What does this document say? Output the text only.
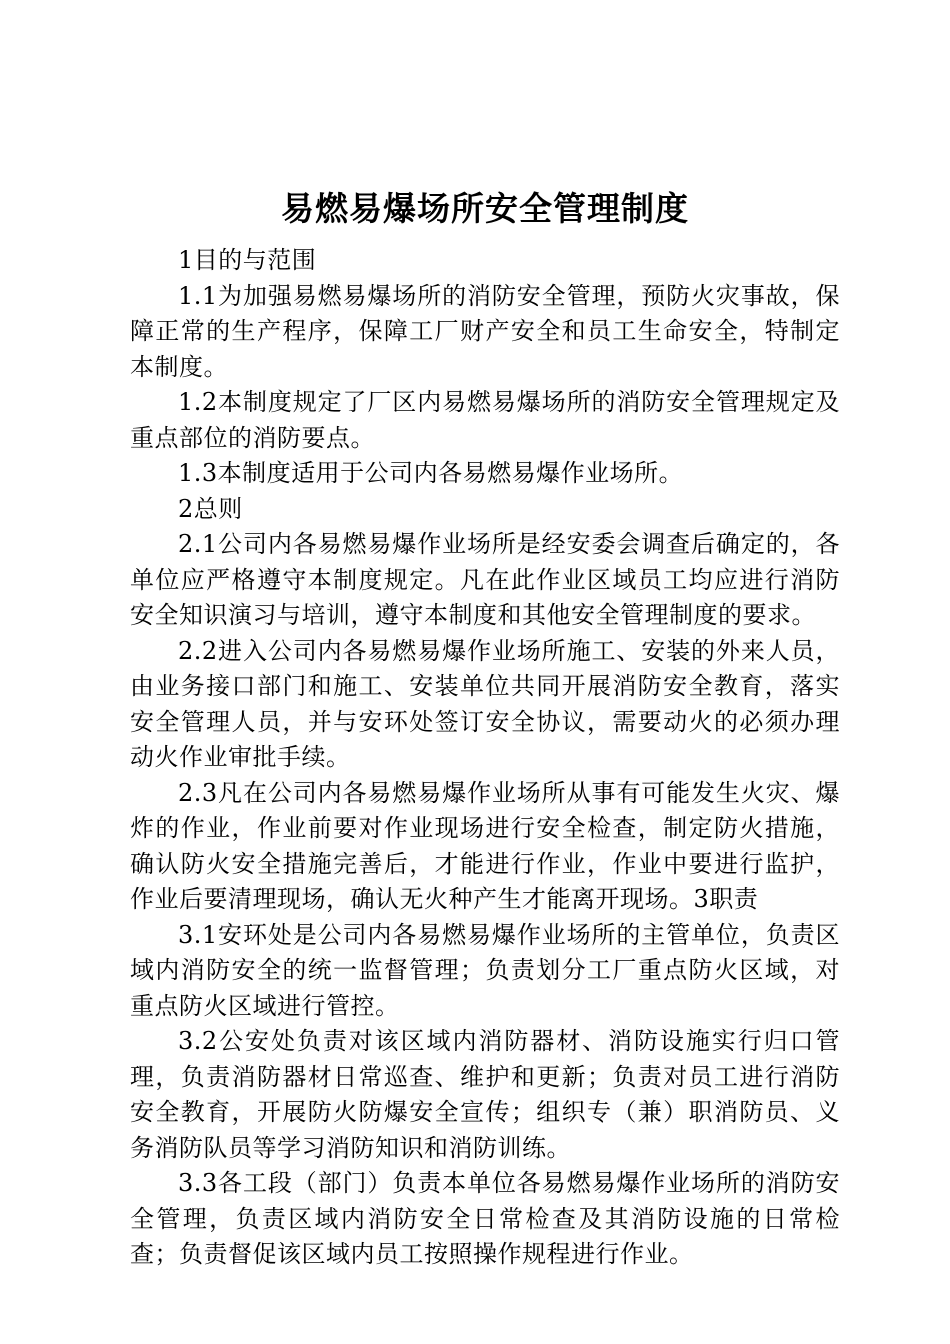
易燃易爆场所安全管理制度

1目的与范围

1.1为加强易燃易爆场所的消防安全管理，预防火灾事故，保障正常的生产程序，保障工厂财产安全和员工生命安全，特制定本制度。

1.2本制度规定了厂区内易燃易爆场所的消防安全管理规定及重点部位的消防要点。

1.3本制度适用于公司内各易燃易爆作业场所。

2总则

2.1公司内各易燃易爆作业场所是经安委会调查后确定的，各单位应严格遵守本制度规定。凡在此作业区域员工均应进行消防安全知识演习与培训，遵守本制度和其他安全管理制度的要求。

2.2进入公司内各易燃易爆作业场所施工、安装的外来人员，由业务接口部门和施工、安装单位共同开展消防安全教育，落实安全管理人员，并与安环处签订安全协议，需要动火的必须办理动火作业审批手续。

2.3凡在公司内各易燃易爆作业场所从事有可能发生火灾、爆炸的作业，作业前要对作业现场进行安全检查，制定防火措施，确认防火安全措施完善后，才能进行作业，作业中要进行监护，作业后要清理现场，确认无火种产生才能离开现场。3职责

3.1安环处是公司内各易燃易爆作业场所的主管单位，负责区域内消防安全的统一监督管理；负责划分工厂重点防火区域，对重点防火区域进行管控。

3.2公安处负责对该区域内消防器材、消防设施实行归口管理，负责消防器材日常巡查、维护和更新；负责对员工进行消防安全教育，开展防火防爆安全宣传；组织专（兼）职消防员、义务消防队员等学习消防知识和消防训练。

3.3各工段（部门）负责本单位各易燃易爆作业场所的消防安全管理，负责区域内消防安全日常检查及其消防设施的日常检查；负责督促该区域内员工按照操作规程进行作业。
